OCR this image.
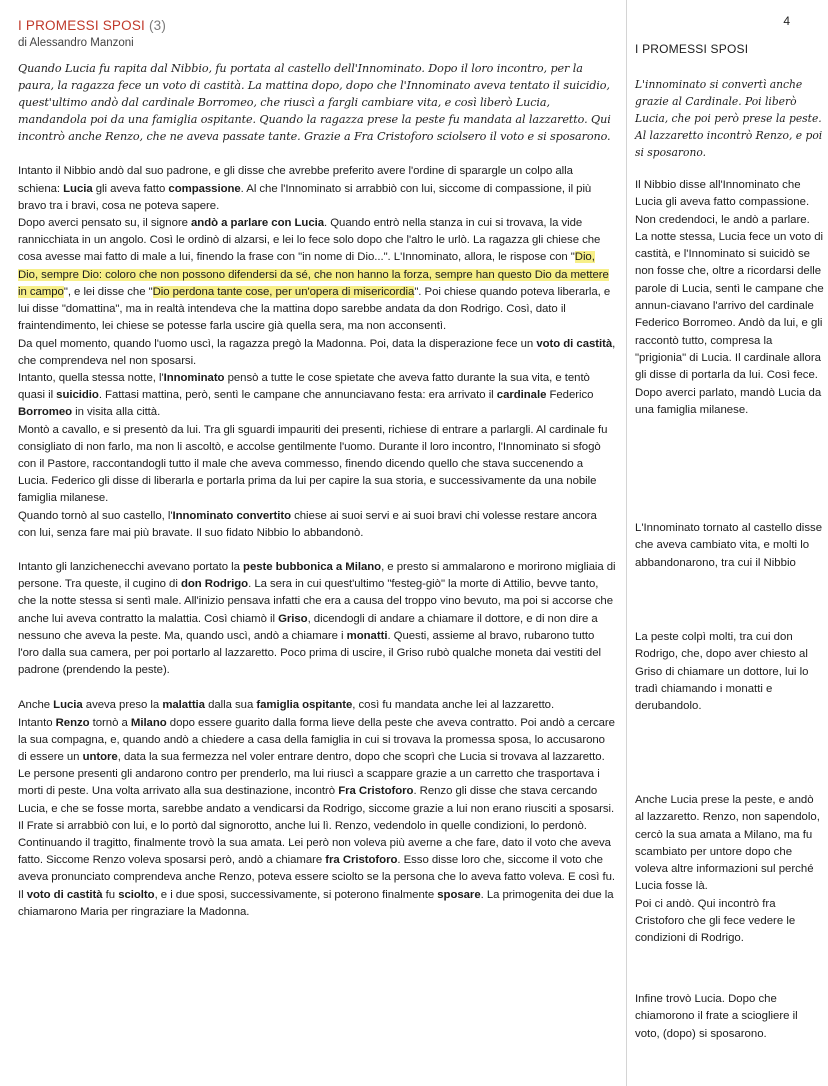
4
I PROMESSI SPOSI (3)
di Alessandro Manzoni
Quando Lucia fu rapita dal Nibbio, fu portata al castello dell'Innominato. Dopo il loro incontro, per la paura, la ragazza fece un voto di castità. La mattina dopo, dopo che l'Innominato aveva tentato il suicidio, quest'ultimo andò dal cardinale Borromeo, che riuscì a fargli cambiare vita, e così liberò Lucia, mandandola poi da una famiglia ospitante. Quando la ragazza prese la peste fu mandata al lazzaretto. Qui incontrò anche Renzo, che ne aveva passate tante. Grazie a Fra Cristoforo sciolsero il voto e si sposarono.

Intanto il Nibbio andò dal suo padrone, e gli disse che avrebbe preferito avere l'ordine di sparargle un colpo alla schiena: Lucia gli aveva fatto compassione. Al che l'Innominato si arrabbiò con lui, siccome di compassione, il più bravo tra i bravi, cosa ne poteva sapere.

Dopo averci pensato su, il signore andò a parlare con Lucia. Quando entrò nella stanza in cui si trovava, la vide rannicchiata in un angolo. Così le ordinò di alzarsi, e lei lo fece solo dopo che l'altro le urlò. La ragazza gli chiese che cosa avesse mai fatto di male a lui, finendo la frase con "in nome di Dio...". L'Innominato, allora, le rispose con "Dio, Dio, sempre Dio: coloro che non possono difendersi da sé, che non hanno la forza, sempre han questo Dio da mettere in campo", e lei disse che "Dio perdona tante cose, per un'opera di misericordia". Poi chiese quando poteva liberarla, e lui disse "domattina", ma in realtà intendeva che la mattina dopo sarebbe andata da don Rodrigo. Così, dato il fraintendimento, lei chiese se potesse farla uscire già quella sera, ma non acconsentì.

Da quel momento, quando l'uomo uscì, la ragazza pregò la Madonna. Poi, data la disperazione fece un voto di castità, che comprendeva nel non sposarsi.

Intanto, quella stessa notte, l'Innominato pensò a tutte le cose spietate che aveva fatto durante la sua vita, e tentò quasi il suicidio. Fattasi mattina, però, sentì le campane che annunciavano festa: era arrivato il cardinale Federico Borromeo in visita alla città.

Montò a cavallo, e si presentò da lui. Tra gli sguardi impauriti dei presenti, richiese di entrare a parlargli. Al cardinale fu consigliato di non farlo, ma non li ascoltò, e accolse gentilmente l'uomo. Durante il loro incontro, l'Innominato si sfogò con il Pastore, raccontandogli tutto il male che aveva commesso, finendo dicendo quello che stava succenendo a Lucia. Federico gli disse di liberarla e portarla prima da lui per capire la sua storia, e successivamente da una nobile famiglia milanese.

Quando tornò al suo castello, l'Innominato convertito chiese ai suoi servi e ai suoi bravi chi volesse restare ancora con lui, senza fare mai più bravate. Il suo fidato Nibbio lo abbandonò.

Intanto gli lanzichenecchi avevano portato la peste bubbonica a Milano, e presto si ammalarono e morirono migliaia di persone. Tra queste, il cugino di don Rodrigo. La sera in cui quest'ultimo "festeg-giò" la morte di Attilio, bevve tanto, che la notte stessa si sentì male. All'inizio pensava infatti che era a causa del troppo vino bevuto, ma poi si accorse che anche lui aveva contratto la malattia. Così chiamò il Griso, dicendogli di andare a chiamare il dottore, e di non dire a nessuno che aveva la peste. Ma, quando uscì, andò a chiamare i monatti. Questi, assieme al bravo, rubarono tutto l'oro dalla sua camera, per poi portarlo al lazzaretto. Poco prima di uscire, il Griso rubò qualche moneta dai vestiti del padrone (prendendo la peste).

Anche Lucia aveva preso la malattia dalla sua famiglia ospitante, così fu mandata anche lei al lazzaretto.

Intanto Renzo tornò a Milano dopo essere guarito dalla forma lieve della peste che aveva contratto. Poi andò a cercare la sua compagna, e, quando andò a chiedere a casa della famiglia in cui si trovava la promessa sposa, lo accusarono di essere un untore, data la sua fermezza nel voler entrare dentro, dopo che scoprì che Lucia si trovava al lazzaretto. Le persone presenti gli andarono contro per prenderlo, ma lui riuscì a scappare grazie a un carretto che trasportava i morti di peste. Una volta arrivato alla sua destinazione, incontrò Fra Cristoforo. Renzo gli disse che stava cercando Lucia, e che se fosse morta, sarebbe andato a vendicarsi da Rodrigo, siccome grazie a lui non erano riusciti a sposarsi. Il Frate si arrabbiò con lui, e lo portò dal signorotto, anche lui lì. Renzo, vedendolo in quelle condizioni, lo perdonò.

Continuando il tragitto, finalmente trovò la sua amata. Lei però non voleva più averne a che fare, dato il voto che aveva fatto. Siccome Renzo voleva sposarsi però, andò a chiamare fra Cristoforo. Esso disse loro che, siccome il voto che aveva pronunciato comprendeva anche Renzo, poteva essere sciolto se la persona che lo aveva fatto voleva. E così fu. Il voto di castità fu sciolto, e i due sposi, successivamente, si poterono finalmente sposare. La primogenita dei due la chiamarono Maria per ringraziare la Madonna.

I PROMESSI SPOSI

L'innominato si convertì anche grazie al Cardinale. Poi liberò Lucia, che poi però prese la peste. Al lazzaretto incontrò Renzo, e poi si sposarono.

Il Nibbio disse all'Innominato che Lucia gli aveva fatto compassione. Non credendoci, le andò a parlare.
La notte stessa, Lucia fece un voto di castità, e l'Innominato si suicidò se non fosse che, oltre a ricordarsi delle parole di Lucia, sentì le campane che annun-ciavano l'arrivo del cardinale Federico Borromeo. Andò da lui, e gli raccontò tutto, compresa la "prigionia" di Lucia. Il cardinale allora gli disse di portarla da lui. Così fece. Dopo averci parlato, mandò Lucia da una famiglia milanese.

L'Innominato tornato al castello disse che aveva cambiato vita, e molti lo abbandonarono, tra cui il Nibbio

La peste colpì molti, tra cui don Rodrigo, che, dopo aver chiesto al Griso di chiamare un dottore, lui lo tradì chiamando i monatti e derubandolo.

Anche Lucia prese la peste, e andò al lazzaretto. Renzo, non sapendolo, cercò la sua amata a Milano, ma fu scambiato per untore dopo che voleva altre informazioni sul perché Lucia fosse là.
Poi ci andò. Qui incontrò fra Cristoforo che gli fece vedere le condizioni di Rodrigo.

Infine trovò Lucia. Dopo che chiamorono il frate a sciogliere il voto, (dopo) si sposarono.
